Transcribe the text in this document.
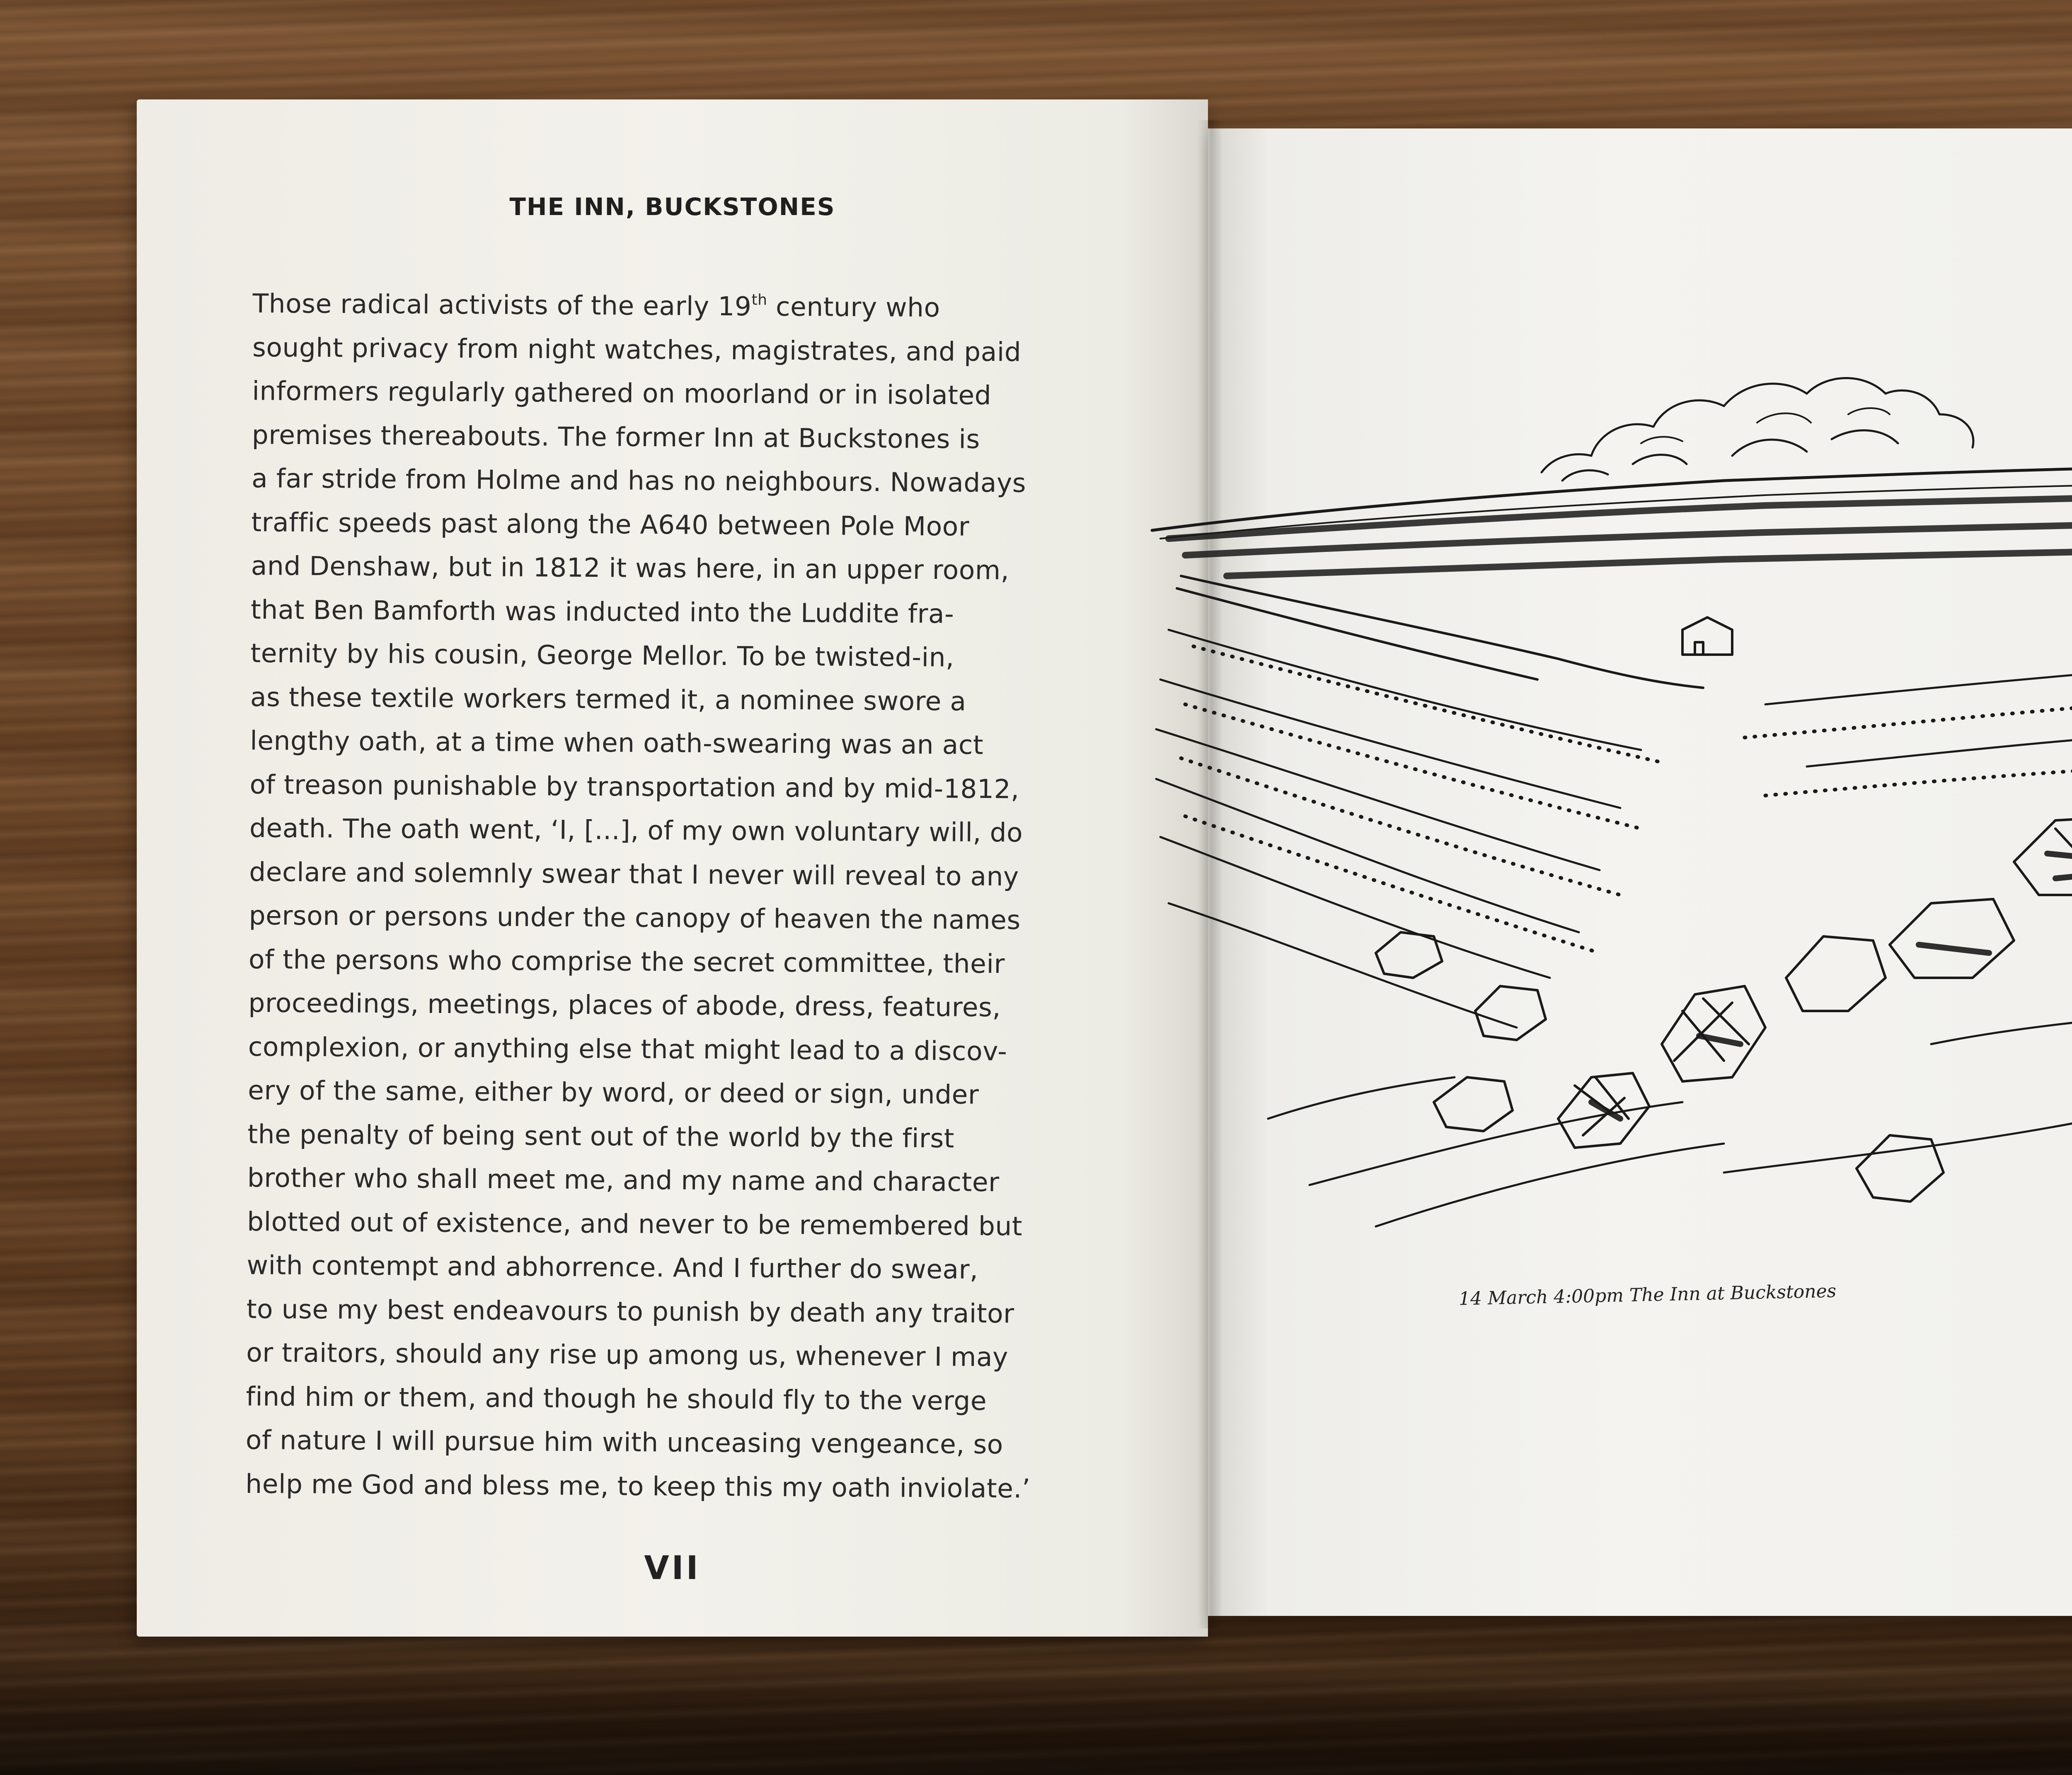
THE INN, BUCKSTONES
Those radical activists of the early 19th century who
sought privacy from night watches, magistrates, and paid
informers regularly gathered on moorland or in isolated
premises thereabouts. The former Inn at Buckstones is
a far stride from Holme and has no neighbours. Nowadays
traffic speeds past along the A640 between Pole Moor
and Denshaw, but in 1812 it was here, in an upper room,
that Ben Bamforth was inducted into the Luddite fra-
ternity by his cousin, George Mellor. To be twisted-in,
as these textile workers termed it, a nominee swore a
lengthy oath, at a time when oath-swearing was an act
of treason punishable by transportation and by mid-1812,
death. The oath went, ‘I, [...], of my own voluntary will, do
declare and solemnly swear that I never will reveal to any
person or persons under the canopy of heaven the names
of the persons who comprise the secret committee, their
proceedings, meetings, places of abode, dress, features,
complexion, or anything else that might lead to a discov-
ery of the same, either by word, or deed or sign, under
the penalty of being sent out of the world by the first
brother who shall meet me, and my name and character
blotted out of existence, and never to be remembered but
with contempt and abhorrence. And I further do swear,
to use my best endeavours to punish by death any traitor
or traitors, should any rise up among us, whenever I may
find him or them, and though he should fly to the verge
of nature I will pursue him with unceasing vengeance, so
help me God and bless me, to keep this my oath inviolate.’
VII
14 March 4:00pm The Inn at Buckstones
